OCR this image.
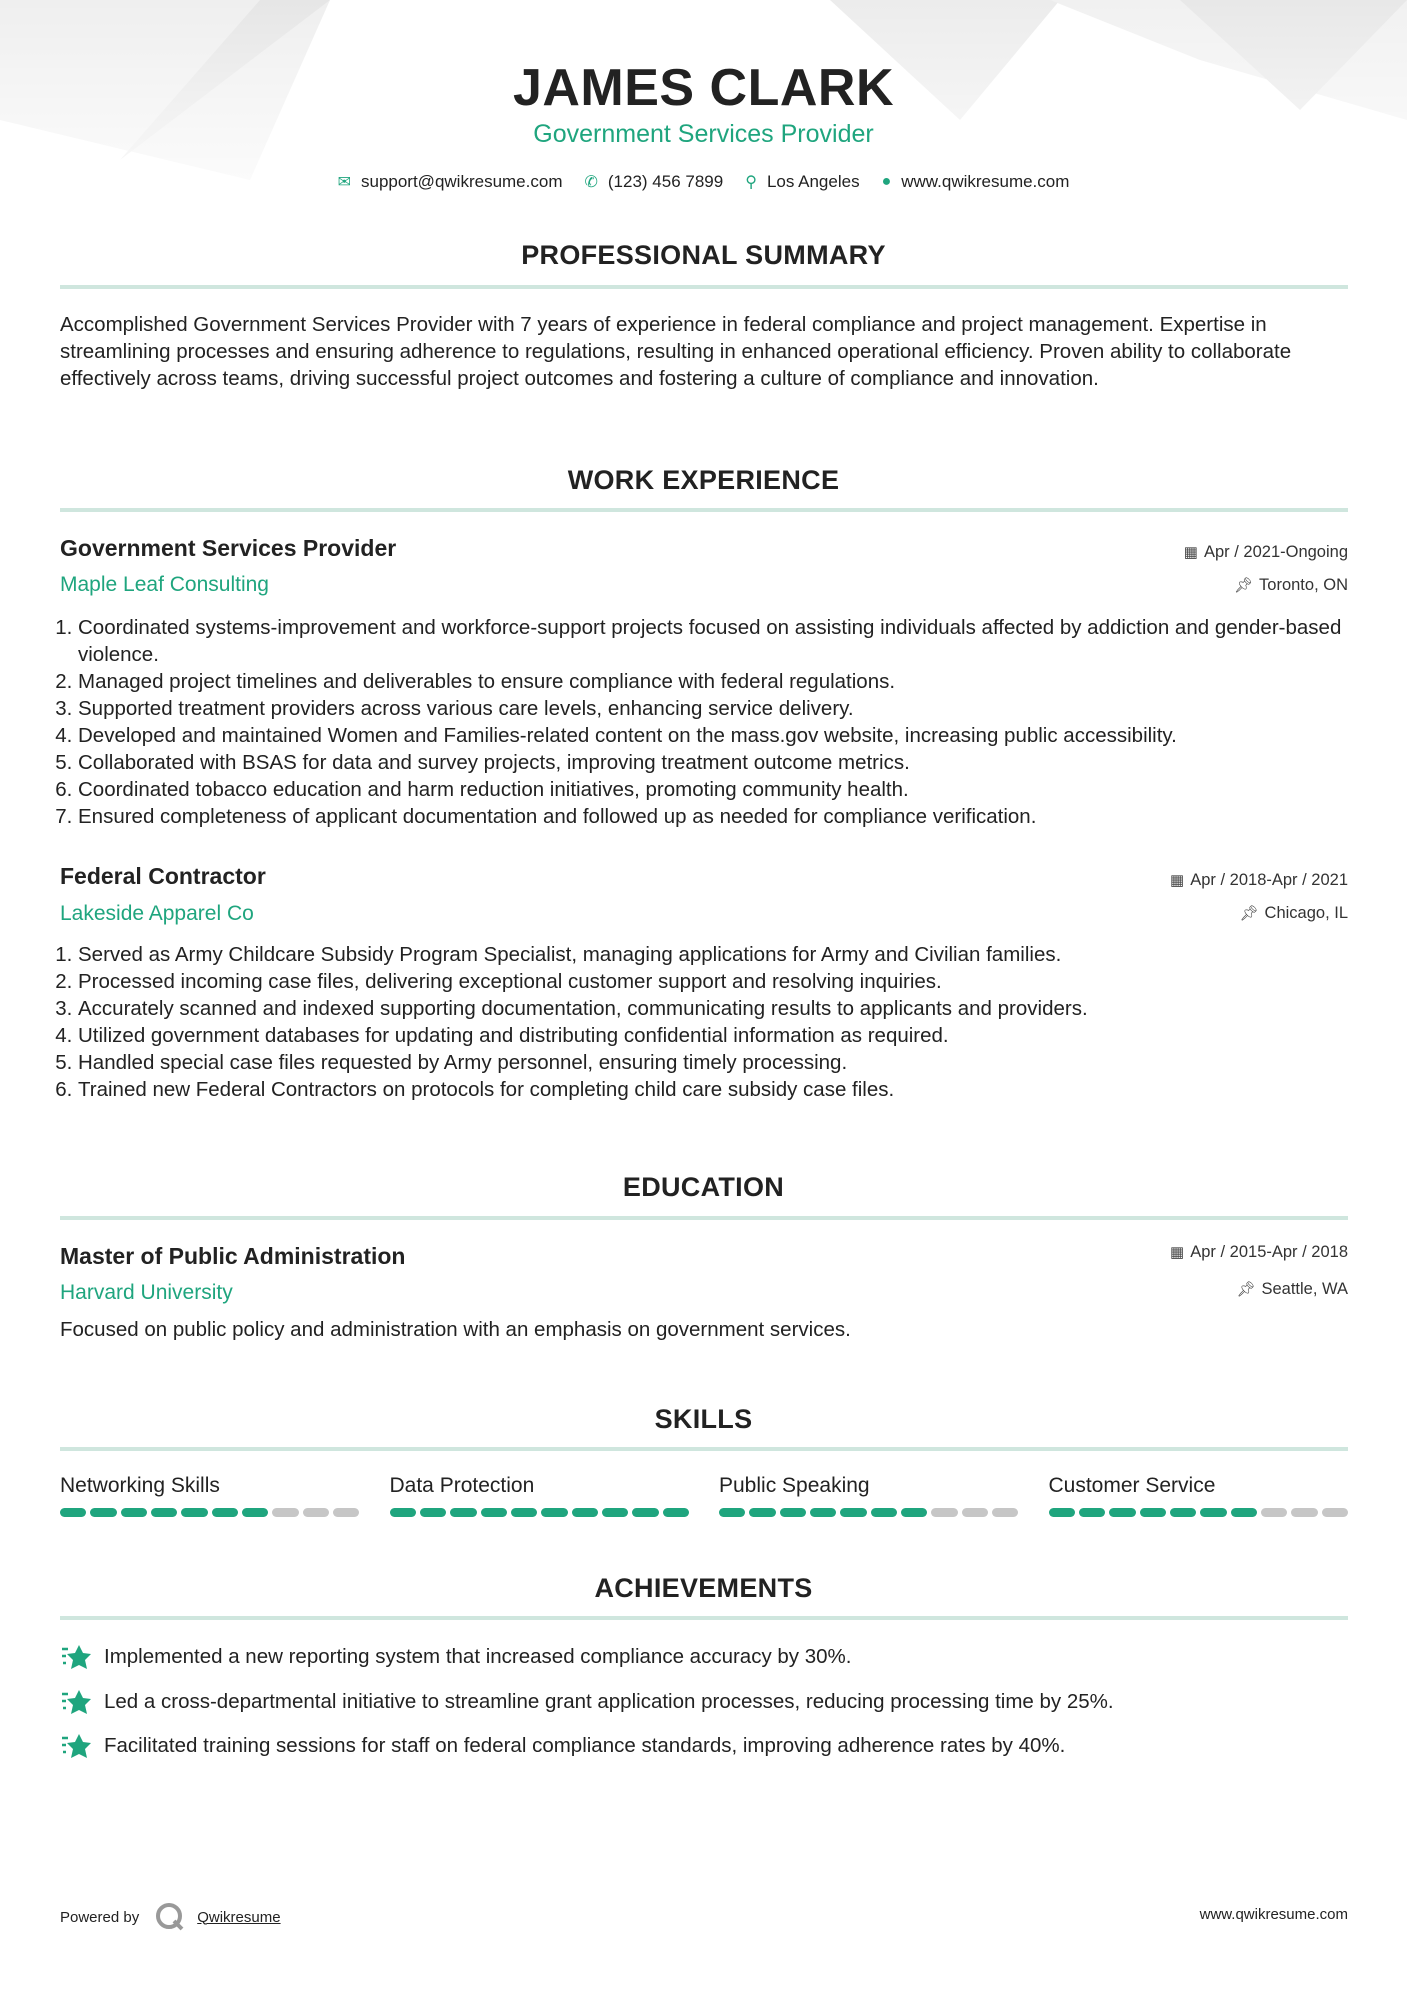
JAMES CLARK
Government Services Provider
✉ support@qwikresume.com ✆ (123) 456 7899 ⚲ Los Angeles ● www.qwikresume.com
PROFESSIONAL SUMMARY
Accomplished Government Services Provider with 7 years of experience in federal compliance and project management. Expertise in streamlining processes and ensuring adherence to regulations, resulting in enhanced operational efficiency. Proven ability to collaborate effectively across teams, driving successful project outcomes and fostering a culture of compliance and innovation.
WORK EXPERIENCE
Government Services Provider	▦ Apr / 2021-Ongoing
Maple Leaf Consulting	📌︎ Toronto, ON
1. Coordinated systems-improvement and workforce-support projects focused on assisting individuals affected by addiction and gender-based violence.
2. Managed project timelines and deliverables to ensure compliance with federal regulations.
3. Supported treatment providers across various care levels, enhancing service delivery.
4. Developed and maintained Women and Families-related content on the mass.gov website, increasing public accessibility.
5. Collaborated with BSAS for data and survey projects, improving treatment outcome metrics.
6. Coordinated tobacco education and harm reduction initiatives, promoting community health.
7. Ensured completeness of applicant documentation and followed up as needed for compliance verification.
Federal Contractor	▦ Apr / 2018-Apr / 2021
Lakeside Apparel Co	📌︎ Chicago, IL
1. Served as Army Childcare Subsidy Program Specialist, managing applications for Army and Civilian families.
2. Processed incoming case files, delivering exceptional customer support and resolving inquiries.
3. Accurately scanned and indexed supporting documentation, communicating results to applicants and providers.
4. Utilized government databases for updating and distributing confidential information as required.
5. Handled special case files requested by Army personnel, ensuring timely processing.
6. Trained new Federal Contractors on protocols for completing child care subsidy case files.
EDUCATION
Master of Public Administration	▦ Apr / 2015-Apr / 2018
Harvard University	📌︎ Seattle, WA
Focused on public policy and administration with an emphasis on government services.
SKILLS
Networking Skills	Data Protection	Public Speaking	Customer Service
ACHIEVEMENTS
Implemented a new reporting system that increased compliance accuracy by 30%.
Led a cross-departmental initiative to streamline grant application processes, reducing processing time by 25%.
Facilitated training sessions for staff on federal compliance standards, improving adherence rates by 40%.
Powered by	Qwikresume	www.qwikresume.com
